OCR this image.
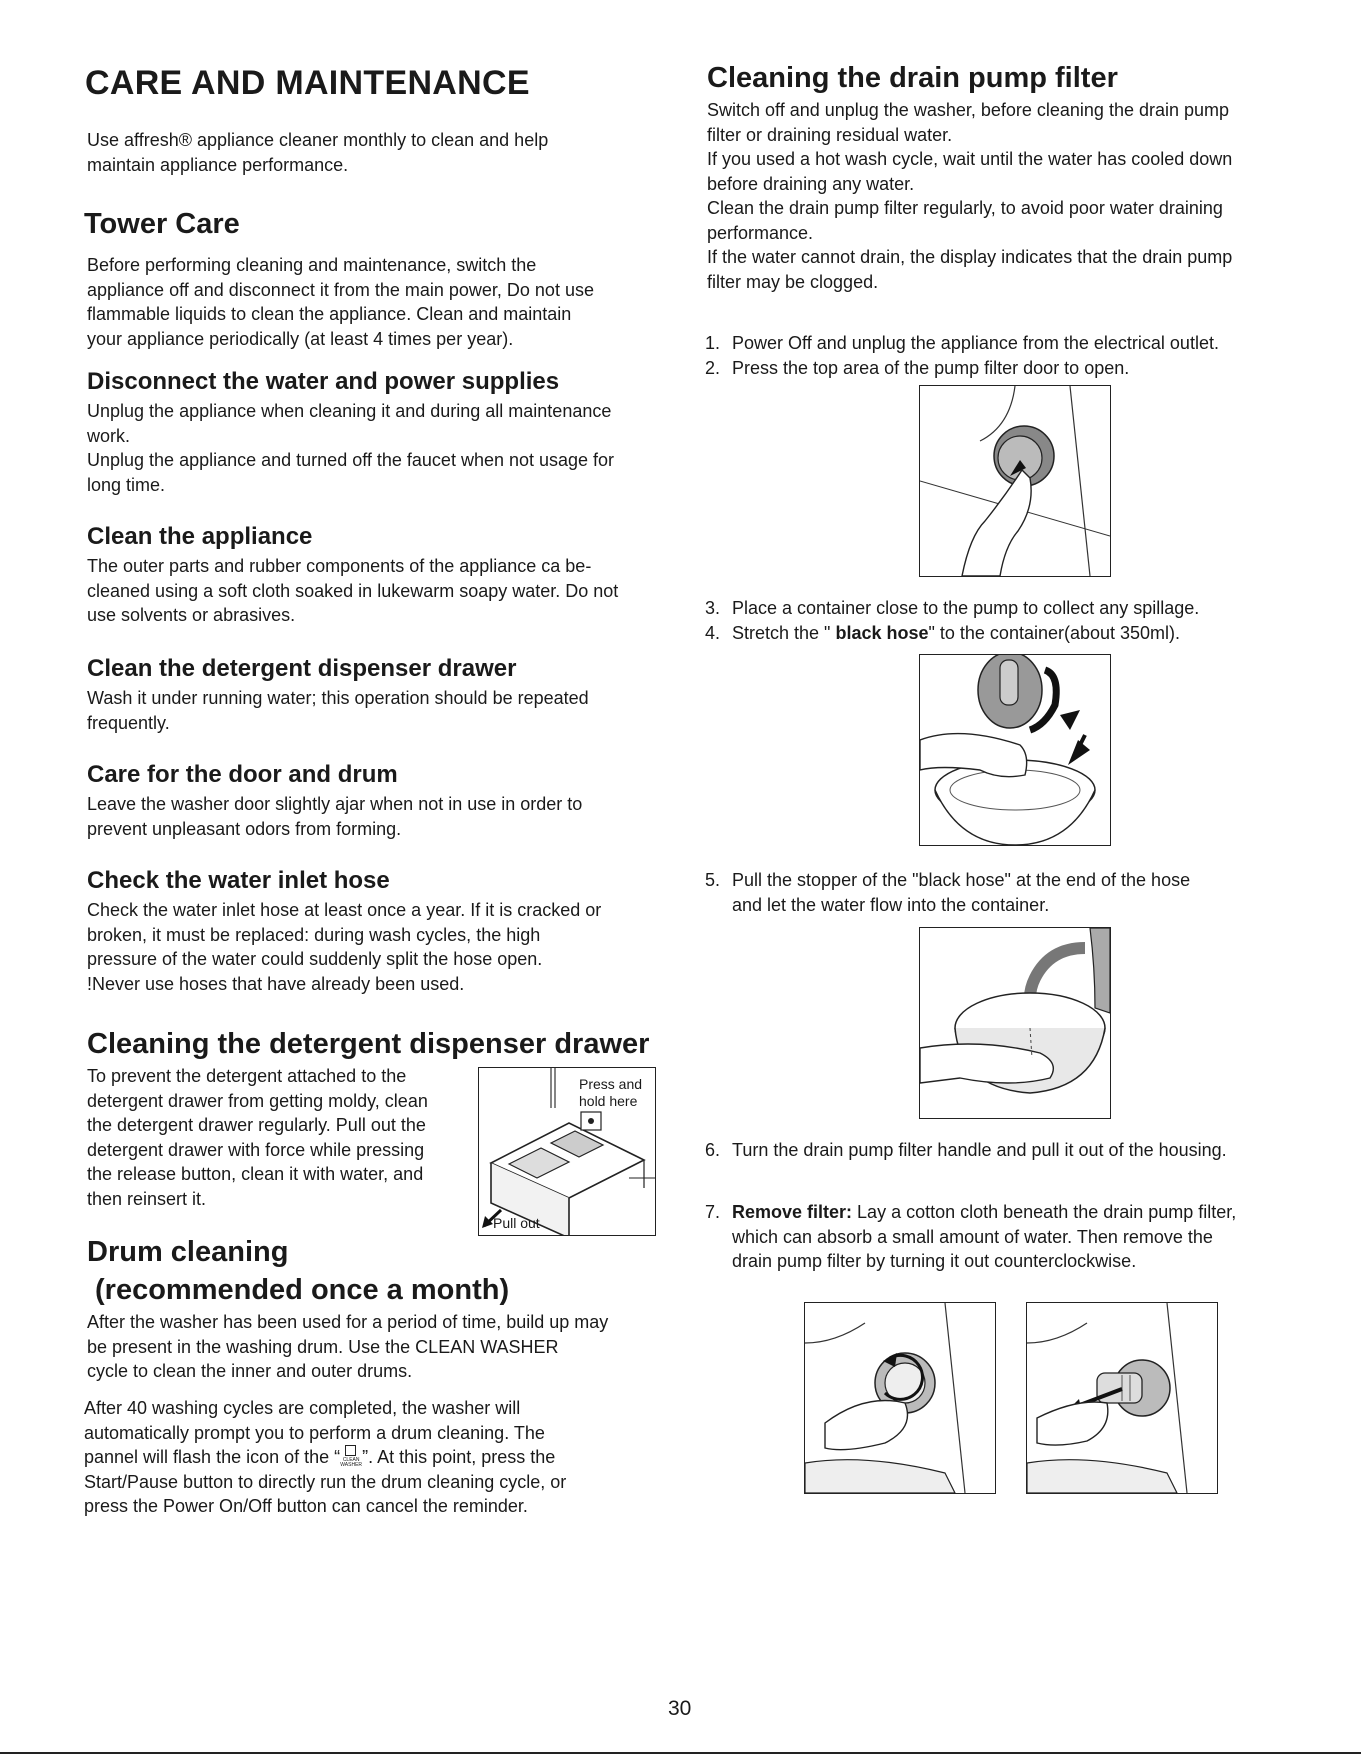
CARE AND MAINTENANCE
Use affresh® appliance cleaner monthly to clean and help
maintain appliance performance.
Tower Care
Before performing cleaning and maintenance, switch the
appliance off and disconnect it from the main power, Do not use
flammable liquids to clean the appliance. Clean and maintain
your appliance periodically (at least 4 times per year).
Disconnect the water and power supplies
Unplug the appliance when cleaning it and during all maintenance
work.
Unplug the appliance and turned off the faucet when not usage for
long time.
Clean the appliance
The outer parts and rubber components of the appliance ca be-
cleaned using a soft cloth soaked in lukewarm soapy water. Do not
use solvents or abrasives.
Clean the detergent dispenser drawer
Wash it under running water; this operation should be repeated
frequently.
Care for the door and drum
Leave the washer door slightly ajar when not in use in order to
prevent unpleasant odors from forming.
Check the water inlet hose
Check the water inlet hose at least once a year. If it is cracked or
broken, it must be replaced: during wash cycles, the high
pressure of the water could suddenly split the hose open.
!Never use hoses that have already been used.
Cleaning the detergent dispenser drawer
To prevent the detergent attached to the
detergent drawer from getting moldy, clean
the detergent drawer regularly. Pull out the
detergent drawer with force while pressing
the release button, clean it with water, and
then reinsert it.
Press and
hold here
Pull out
Drum cleaning
(recommended once a month)
After the washer has been used for a period of time, build up may
be present in the washing drum. Use the CLEAN WASHER
cycle to clean the inner and outer drums.
After 40 washing cycles are completed, the washer will
automatically prompt you to perform a drum cleaning. The
pannel will flash the icon of the “ CLEAN WASHER ”. At this point, press the
Start/Pause button to directly run the drum cleaning cycle, or
press the Power On/Off button can cancel the reminder.
Cleaning the drain pump filter
Switch off and unplug the washer, before cleaning the drain pump
filter or draining residual water.
If you used a hot wash cycle, wait until the water has cooled down
before draining any water.
Clean the drain pump filter regularly, to avoid poor water draining
performance.
If the water cannot drain, the display indicates that the drain pump
filter may be clogged.
1. Power Off and unplug the appliance from the electrical outlet.
2. Press the top area of the pump filter door to open.
3. Place a container close to the pump to collect any spillage.
4. Stretch the " black hose" to the container(about 350ml).
5. Pull the stopper of the "black hose" at the end of the hose
and let the water flow into the container.
6. Turn the drain pump filter handle and pull it out of the housing.
7. Remove filter: Lay a cotton cloth beneath the drain pump filter,
which can absorb a small amount of water. Then remove the
drain pump filter by turning it out counterclockwise.
30
